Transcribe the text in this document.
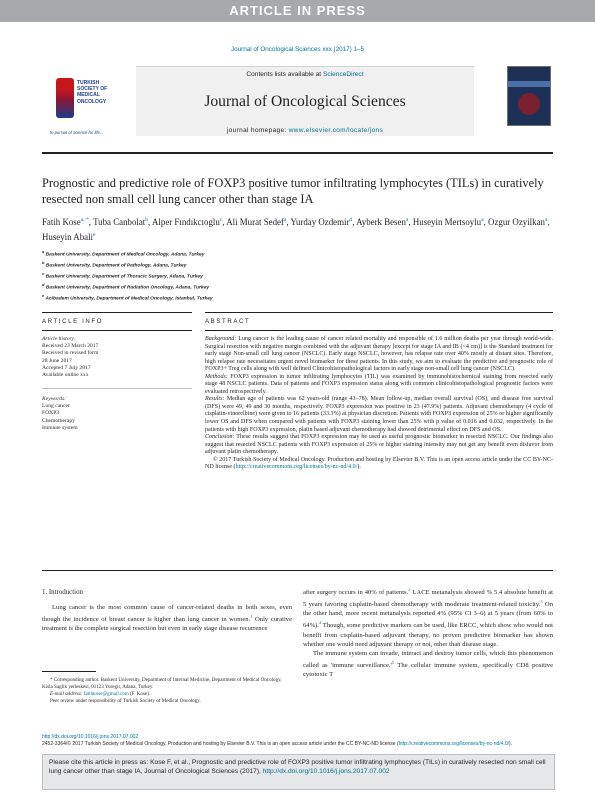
ARTICLE IN PRESS
Journal of Oncological Sciences xxx (2017) 1–5
TURKISH SOCIETY OF MEDICAL ONCOLOGY
In pursuit of science for life...
Contents lists available at ScienceDirect
Journal of Oncological Sciences
journal homepage: www.elsevier.com/locate/jons
Prognostic and predictive role of FOXP3 positive tumor infiltrating lymphocytes (TILs) in curatively resected non small cell lung cancer other than stage IA
Fatih Kose$^{a, *}$, Tuba Canbolat$^b$, Alper Fındıkcıoglu$^c$, Ali Murat Sedef$^a$, Yurday Ozdemir$^d$, Ayberk Besen$^a$, Huseyin Mertsoylu$^a$, Ozgur Ozyilkan$^a$, Huseyin Abali$^e$
$^a$ Baskent University, Department of Medical Oncology, Adana, Turkey
$^b$ Baskent University, Department of Pathology, Adana, Turkey
$^c$ Baskent University, Department of Thoracic Surgery, Adana, Turkey
$^d$ Baskent University, Department of Radiation Oncology, Adana, Turkey
$^e$ Acibadem University, Department of Medical Oncology, Istanbul, Turkey
ARTICLE INFO	ABSTRACT
Article history:
Received 23 March 2017
Received in revised form
28 June 2017
Accepted 7 July 2017
Available online xxx
Keywords:
Lung cancer
FOXP3
Chemotherapy
Immune system

Background: Lung cancer is the leading cause of cancer related mortality and responsible of 1.6 million deaths per year through world-wide. Surgical resection with negative margin combined with the adjuvant therapy [except for stage IA and IB (<4 cm)] is the Standard treatment for early stage Non-small cell lung cancer (NSCLC). Early stage NSCLC, however, has relapse rate over 40% mostly at distant sites. Therefore, high relapse rate necessitates urgent novel biomarker for these patients. In this study, we aim to evaluate the predictive and prognostic role of FOXP3+ Treg cells along with well defined Clinicohistopathological factors in early stage non-small cell lung cancer (NSCLC).

Methods: FOXP3 expression in tumor infiltrating lymphocytes (TIL) was examined by immunohistochemical staining from resected early stage 48 NSCLC patients. Data of patients and FOXP3 expression status along with common clinicohistopathological prognostic factors were evaluated retrospectively.

Results: Median age of patients was 62 years-old (range 43–78). Mean follow-up, median overall survival (OS), and disease free survival (DFS) were 49, 49 and 30 months, respectively. FOXP3 expression was positive in 23 (47.9%) patients. Adjuvant chemotherapy (4 cycle of cisplatin-vinorelbine) were given to 16 patients (33.3%) at physician discretion. Patients with FOXP3 expression of 25% or higher significantly lower OS and DFS when compared with patients with FOXP3 staining lower than 25% with p value of 0.016 and 0.032, respectively. In the patients with high FOXP3 expression, platin based adjuvant chemotherapy had showed detrimental effect on DFS and OS.

Conclusion: These results suggest that FOXP3 expression may be used as useful prognostic biomarker in resected NSCLC. Our findings also suggest that resected NSCLC patients with FOXP3 expression of 25% or higher staining intensity may not get any benefit even disfavor from adjuvant platin chemotherapy.

© 2017 Turkish Society of Medical Oncology. Production and hosting by Elsevier B.V. This is an open access article under the CC BY-NC-ND license (http://creativecommons.org/licenses/by-nc-nd/4.0/).

1. Introduction
Lung cancer is the most common cause of cancer-related deaths in both sexes, even though the incidence of breast cancer is higher than lung cancer in women.$^1$ Only curative treatment is the complete surgical resection but even in early stage disease recurrence
* Corresponding author. Baskent University, Department of Internal Medicine, Department of Medical Oncology, Kisla Saglik yerleskesi, 01123 Yuregir, Adana, Turkey.
E-mail address: fatihkose@gmail.com (F. Kose).
Peer review under responsibility of Turkish Society of Medical Oncology.

after surgery occurs in 40% of patients.$^2$ LACE metanalysis showed % 5.4 absolute benefit at 5 years favoring cisplatin-based chemotherapy with moderate treatment-related toxicity.$^3$ On the other hand, more recent metanalysis reported 4% (95% CI 3–6) at 5 years (from 60% to 64%).$^4$ Though, some predictive markers can be used, like ERCC, which show who would not benefit from cisplatin-based adjuvant therapy, no proven predictive biomarker has shown whether one would need adjuvant therapy or not, other than disease stage.

The immune system can invade, interact and destroy tumor cells, which this phenomenon called as 'immune $surveillance.'^5$ The cellular immune system, specifically CD8 positive cytotoxic T

http://dx.doi.org/10.1016/j.jons.2017.07.002
2452-3364/© 2017 Turkish Society of Medical Oncology. Production and hosting by Elsevier B.V. This is an open access article under the CC BY-NC-ND license (http://creativecommons.org/licenses/by-nc-nd/4.0/).
Please cite this article in press as: Kose F, et al., Prognostic and predictive role of FOXP3 positive tumor infiltrating lymphocytes (TILs) in curatively resected non small cell lung cancer other than stage IA, Journal of Oncological Sciences (2017), http://dx.doi.org/10.1016/j.jons.2017.07.002
